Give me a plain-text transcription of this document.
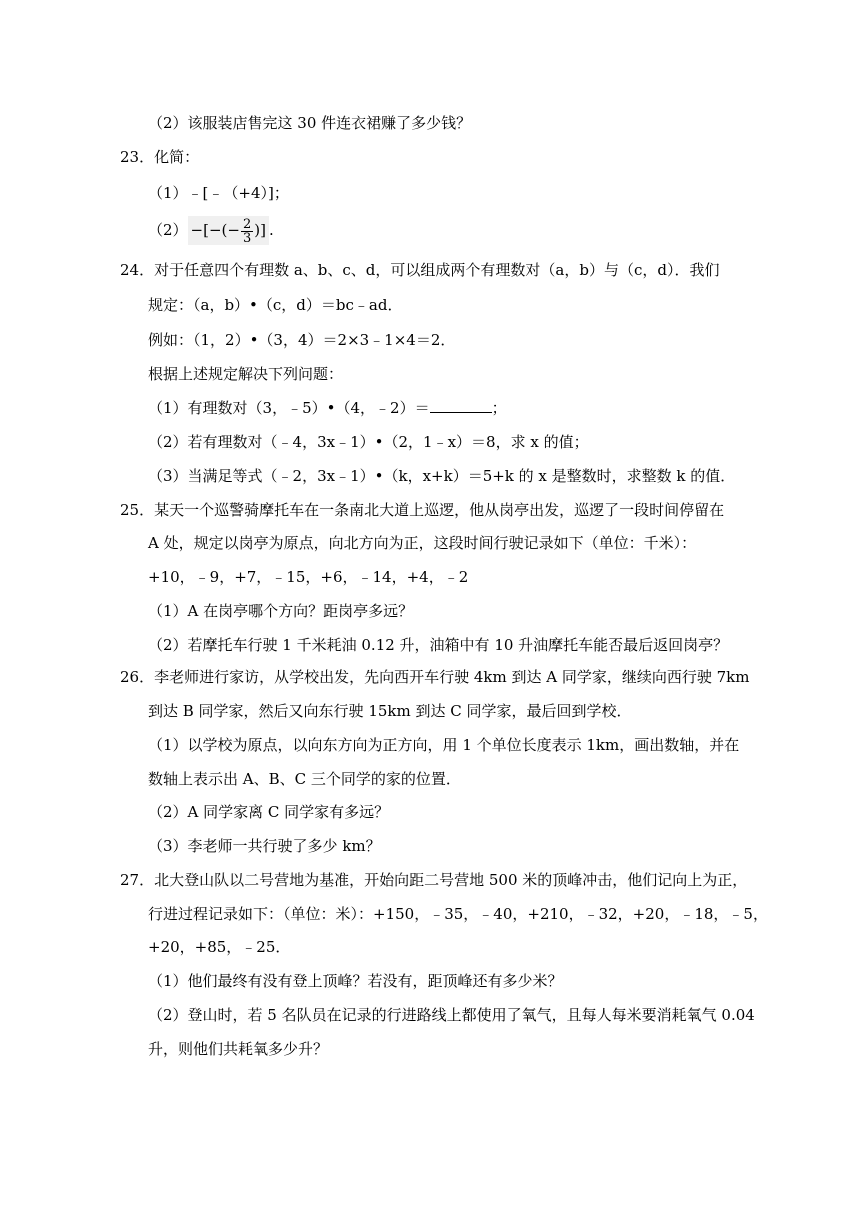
（2）该服装店售完这 30 件连衣裙赚了多少钱？
23．化简：
（1）﹣[﹣（+4）]；
（2） −[−(− $\frac{2}{3}$ )] .
24．对于任意四个有理数 a、b、c、d，可以组成两个有理数对（a，b）与（c，d）．我们
规定：（a，b）•（c，d）＝bc﹣ad．
例如：（1，2）•（3，4）＝2×3﹣1×4＝2．
根据上述规定解决下列问题：
（1）有理数对（3，﹣5）•（4，﹣2）＝	；
（2）若有理数对（﹣4，3x﹣1）•（2，1﹣x）＝8，求 x 的值；
（3）当满足等式（﹣2，3x﹣1）•（k，x+k）＝5+k 的 x 是整数时，求整数 k 的值．
25．某天一个巡警骑摩托车在一条南北大道上巡逻，他从岗亭出发，巡逻了一段时间停留在
A 处，规定以岗亭为原点，向北方向为正，这段时间行驶记录如下（单位：千米）：
+10，﹣9，+7，﹣15，+6，﹣14，+4，﹣2
（1）A 在岗亭哪个方向？距岗亭多远？
（2）若摩托车行驶 1 千米耗油 0.12 升，油箱中有 10 升油摩托车能否最后返回岗亭？
26．李老师进行家访，从学校出发，先向西开车行驶 4km 到达 A 同学家，继续向西行驶 7km
到达 B 同学家，然后又向东行驶 15km 到达 C 同学家，最后回到学校．
（1）以学校为原点，以向东方向为正方向，用 1 个单位长度表示 1km，画出数轴，并在
数轴上表示出 A、B、C 三个同学的家的位置．
（2）A 同学家离 C 同学家有多远？
（3）李老师一共行驶了多少 km？
27．北大登山队以二号营地为基准，开始向距二号营地 500 米的顶峰冲击，他们记向上为正，
行进过程记录如下：（单位：米）：+150，﹣35，﹣40，+210，﹣32，+20，﹣18，﹣5，
+20，+85，﹣25．
（1）他们最终有没有登上顶峰？若没有，距顶峰还有多少米？
（2）登山时，若 5 名队员在记录的行进路线上都使用了氧气，且每人每米要消耗氧气 0.04
升，则他们共耗氧多少升？
